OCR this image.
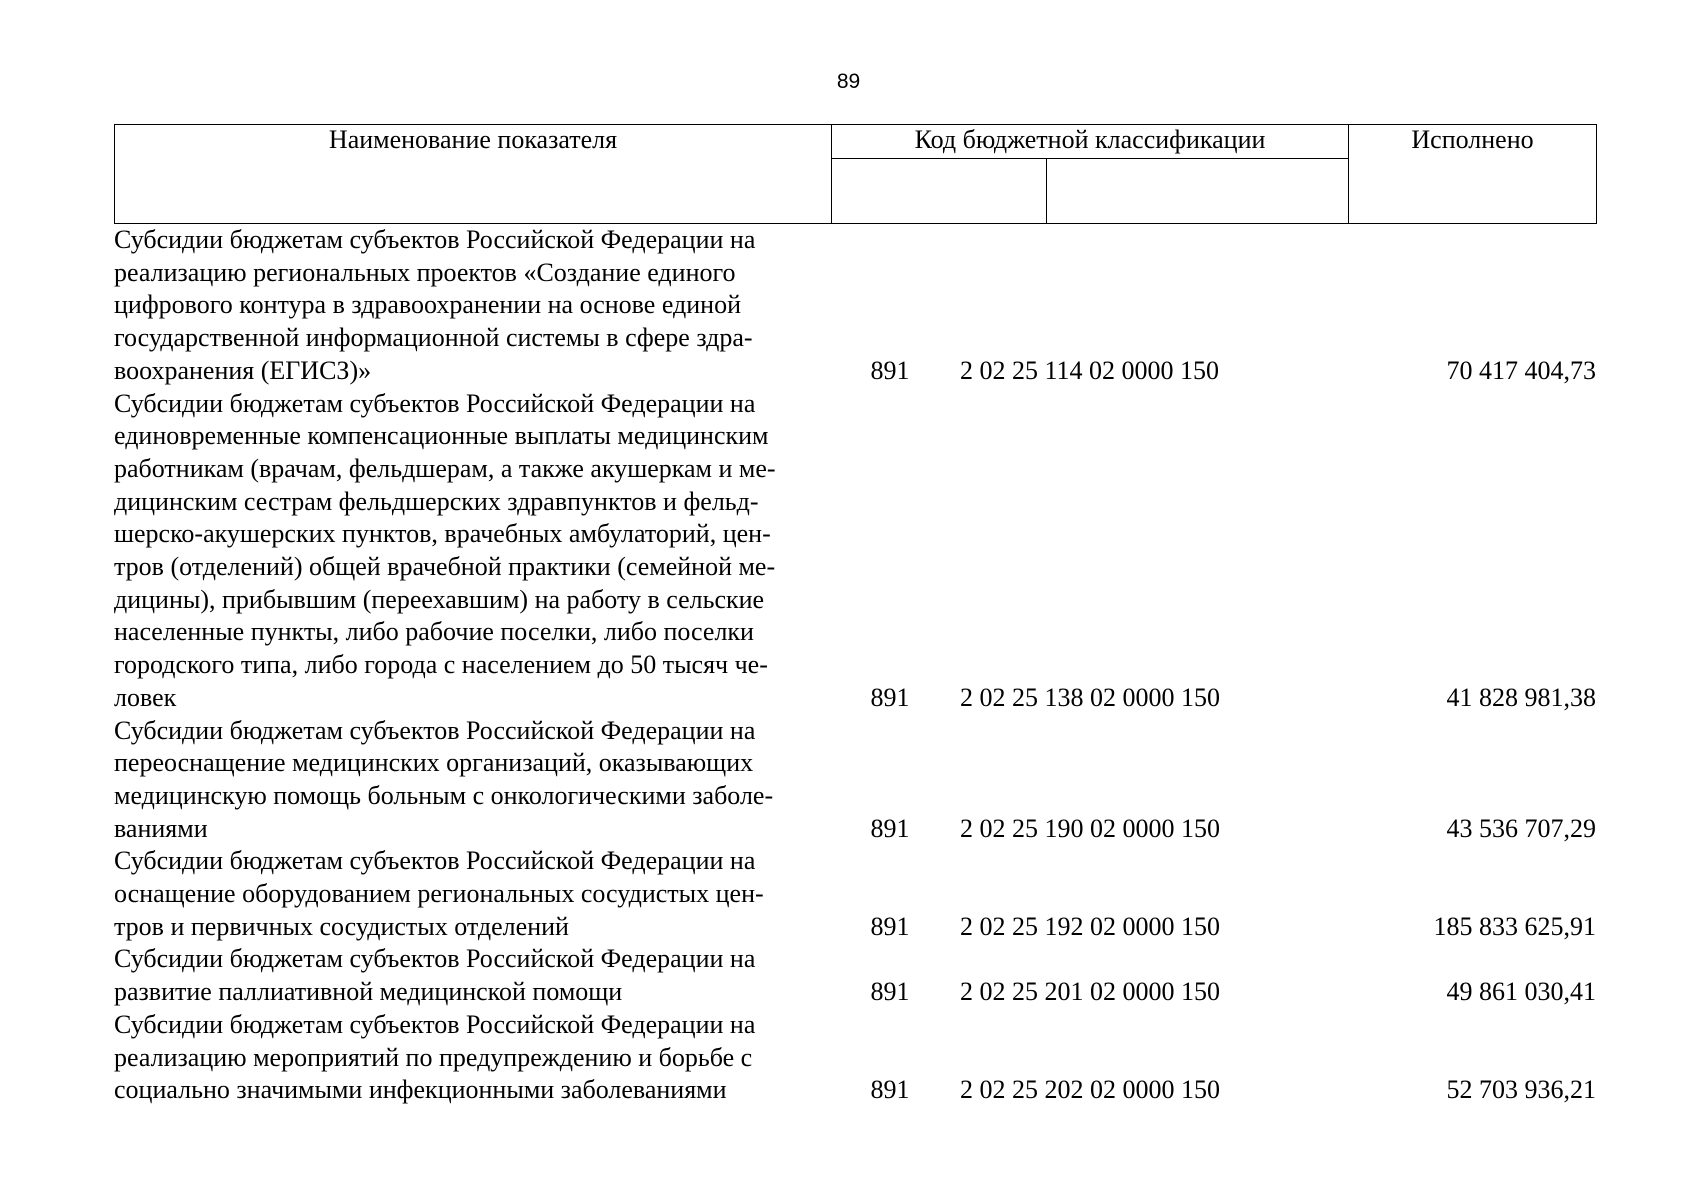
89
Наименование показателя	Код бюджетной классификации		Исполнено

Субсидии бюджетам субъектов Российской Федерации на
реализацию региональных проектов «Создание единого
цифрового контура в здравоохранении на основе единой
государственной информационной системы в сфере здра-
воохранения (ЕГИСЗ)»	891	2 02 25 114 02 0000 150	70 417 404,73
Субсидии бюджетам субъектов Российской Федерации на
единовременные компенсационные выплаты медицинским
работникам (врачам, фельдшерам, а также акушеркам и ме-
дицинским сестрам фельдшерских здравпунктов и фельд-
шерско-акушерских пунктов, врачебных амбулаторий, цен-
тров (отделений) общей врачебной практики (семейной ме-
дицины), прибывшим (переехавшим) на работу в сельские
населенные пункты, либо рабочие поселки, либо поселки
городского типа, либо города с населением до 50 тысяч че-
ловек	891	2 02 25 138 02 0000 150	41 828 981,38
Субсидии бюджетам субъектов Российской Федерации на
переоснащение медицинских организаций, оказывающих
медицинскую помощь больным с онкологическими заболе-
ваниями	891	2 02 25 190 02 0000 150	43 536 707,29
Субсидии бюджетам субъектов Российской Федерации на
оснащение оборудованием региональных сосудистых цен-
тров и первичных сосудистых отделений	891	2 02 25 192 02 0000 150	185 833 625,91
Субсидии бюджетам субъектов Российской Федерации на
развитие паллиативной медицинской помощи	891	2 02 25 201 02 0000 150	49 861 030,41
Субсидии бюджетам субъектов Российской Федерации на
реализацию мероприятий по предупреждению и борьбе с
социально значимыми инфекционными заболеваниями	891	2 02 25 202 02 0000 150	52 703 936,21
